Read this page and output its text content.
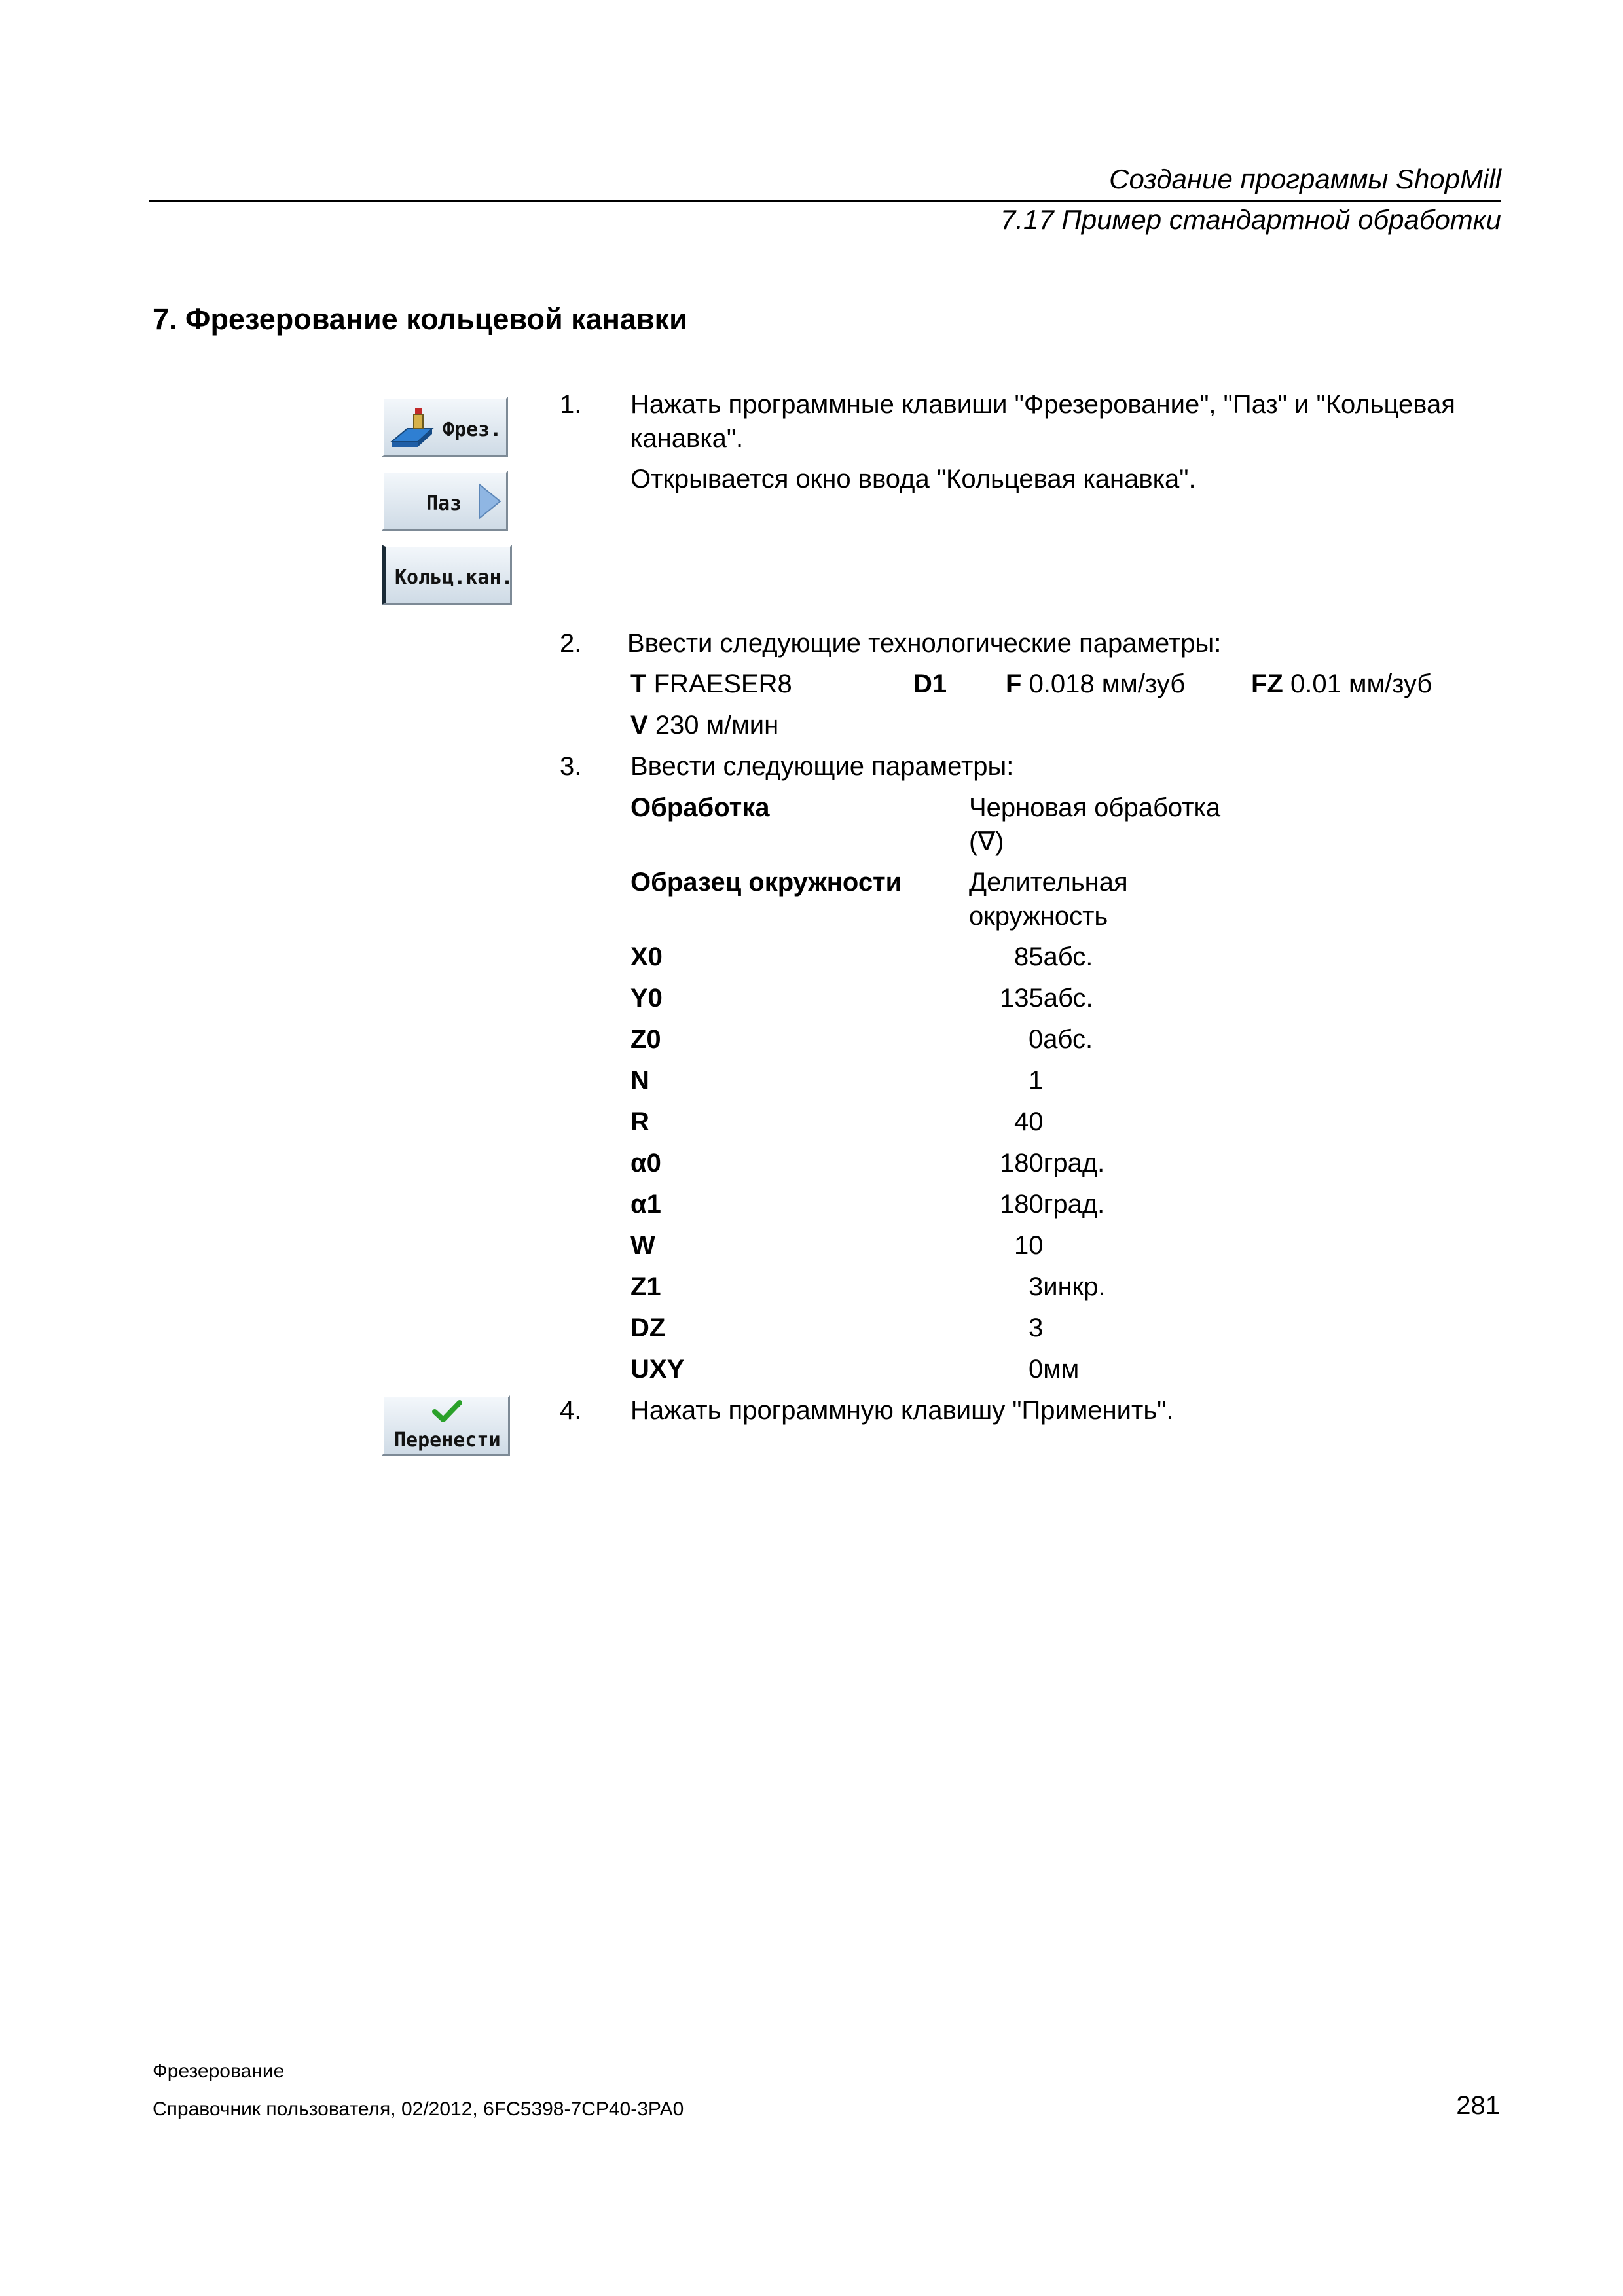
Создание программы ShopMill
7.17 Пример стандартной обработки
7. Фрезерование кольцевой канавки
Фрез.
Паз
Кольц.кан.
Перенести
1. Нажать программные клавиши "Фрезерование", "Паз" и "Кольцевая
канавка".
Открывается окно ввода "Кольцевая канавка".
2. Ввести следующие технологические параметры:
T FRAESER8	D1 F 0.018 мм/зуб	FZ 0.01 мм/зуб
V 230 м/мин
3. Ввести следующие параметры:
Обработка	Черновая обработка
(∇)
Образец окружности	Делительная
окружность
X0	85абс.
Y0	135абс.
Z0	0абс.
N	1
R	40
α0	180град.
α1	180град.
W	10
Z1	3инкр.
DZ	3
UXY	0мм
4. Нажать программную клавишу "Применить".
Фрезерование
Справочник пользователя, 02/2012, 6FC5398-7CP40-3PA0	281
